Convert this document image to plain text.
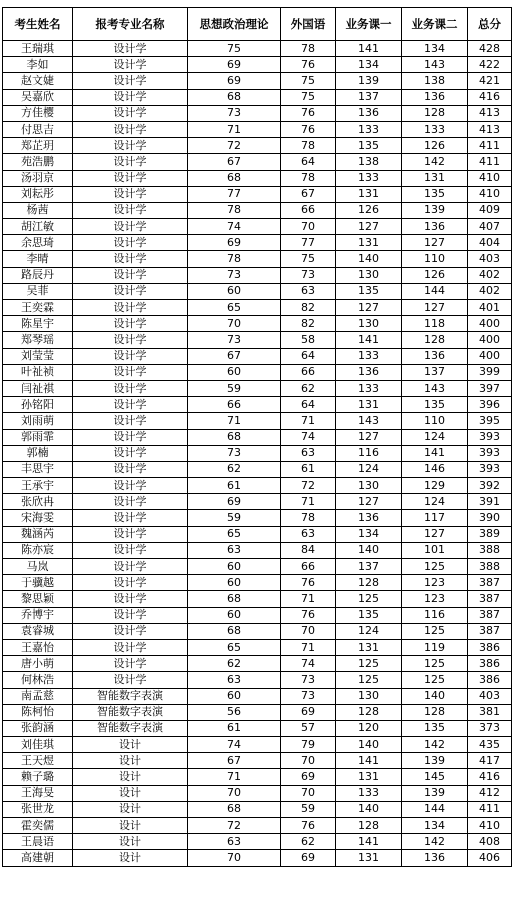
考生姓名	报考专业名称	思想政治理论	外国语	业务课一	业务课二	总分
王瑞琪	设计学	75	78	141	134	428
李如	设计学	69	76	134	143	422
赵文婕	设计学	69	75	139	138	421
吴嘉欣	设计学	68	75	137	136	416
方佳樱	设计学	73	76	136	128	413
付思吉	设计学	71	76	133	133	413
郑芷玥	设计学	72	78	135	126	411
苑浩鹏	设计学	67	64	138	142	411
汤羽京	设计学	68	78	133	131	410
刘耘彤	设计学	77	67	131	135	410
杨茜	设计学	78	66	126	139	409
胡江敏	设计学	74	70	127	136	407
余思琦	设计学	69	77	131	127	404
李晴	设计学	78	75	140	110	403
路辰丹	设计学	73	73	130	126	402
吴菲	设计学	60	63	135	144	402
王奕霖	设计学	65	82	127	127	401
陈星宇	设计学	70	82	130	118	400
郑琴瑶	设计学	73	58	141	128	400
刘莹莹	设计学	67	64	133	136	400
叶祉祯	设计学	60	66	136	137	399
闫祉祺	设计学	59	62	133	143	397
孙铭阳	设计学	66	64	131	135	396
刘雨萌	设计学	71	71	143	110	395
郭雨霏	设计学	68	74	127	124	393
郭楠	设计学	73	63	116	141	393
丰思宇	设计学	62	61	124	146	393
王承宇	设计学	61	72	130	129	392
张欣冉	设计学	69	71	127	124	391
宋海雯	设计学	59	78	136	117	390
魏涵芮	设计学	65	63	134	127	389
陈亦宸	设计学	63	84	140	101	388
马岚	设计学	60	66	137	125	388
于骥越	设计学	60	76	128	123	387
黎思颖	设计学	68	71	125	123	387
乔博宇	设计学	60	76	135	116	387
袁睿城	设计学	68	70	124	125	387
王嘉怡	设计学	65	71	131	119	386
唐小萌	设计学	62	74	125	125	386
何林浩	设计学	63	73	125	125	386
南孟慈	智能数字表演	60	73	130	140	403
陈柯怡	智能数字表演	56	69	128	128	381
张韵涵	智能数字表演	61	57	120	135	373
刘佳琪	设计	74	79	140	142	435
王天煜	设计	67	70	141	139	417
赖子璐	设计	71	69	131	145	416
王海旻	设计	70	70	133	139	412
张世龙	设计	68	59	140	144	411
霍奕儒	设计	72	76	128	134	410
王晨语	设计	63	62	141	142	408
高建朝	设计	70	69	131	136	406
